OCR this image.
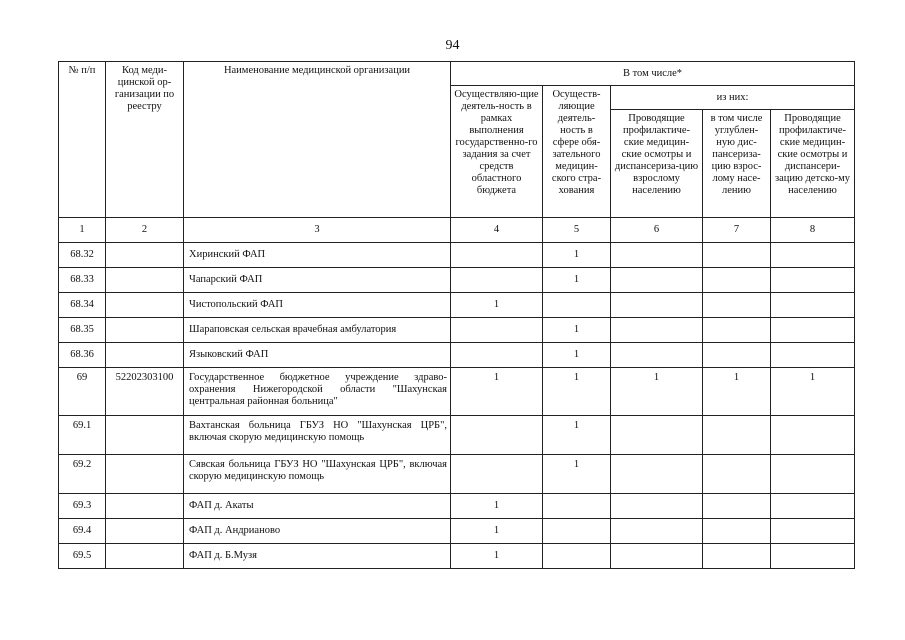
94
№ п/п	Код меди-цинской ор-ганизации по реестру	Наименование медицинской организации	В том числе*				
			Осуществляю-щие деятель-ность в рамках выполнения государственно-го задания за счет средств областного бюджета	Осуществ-ляющие деятель-ность в сфере обя-зательного медицин-ского стра-хования	из них:		
					Проводящие профилактиче-ские медицин-ские осмотры и диспансериза-цию взрослому населению	в том числе углублен-ную дис-пансериза-цию взрос-лому насе-лению	Проводящие профилактиче-ские медицин-ские осмотры и диспансери-зацию детско-му населению
1	2	3	4	5	6	7	8
68.32		Хиринский ФАП		1			
68.33		Чапарский ФАП		1			
68.34		Чистопольский ФАП	1				
68.35		Шараповская сельская врачебная амбулатория		1			
68.36		Языковский ФАП		1			
69	52202303100	Государственное бюджетное учреждение здраво-охранения Нижегородской области "Шахунская центральная районная больница"	1	1	1	1	1
69.1		Вахтанская больница ГБУЗ НО "Шахунская ЦРБ", включая скорую медицинскую помощь		1			
69.2		Сявская больница ГБУЗ НО "Шахунская ЦРБ", включая скорую медицинскую помощь		1			
69.3		ФАП д. Акаты	1				
69.4		ФАП д. Андрианово	1				
69.5		ФАП д. Б.Музя	1				
